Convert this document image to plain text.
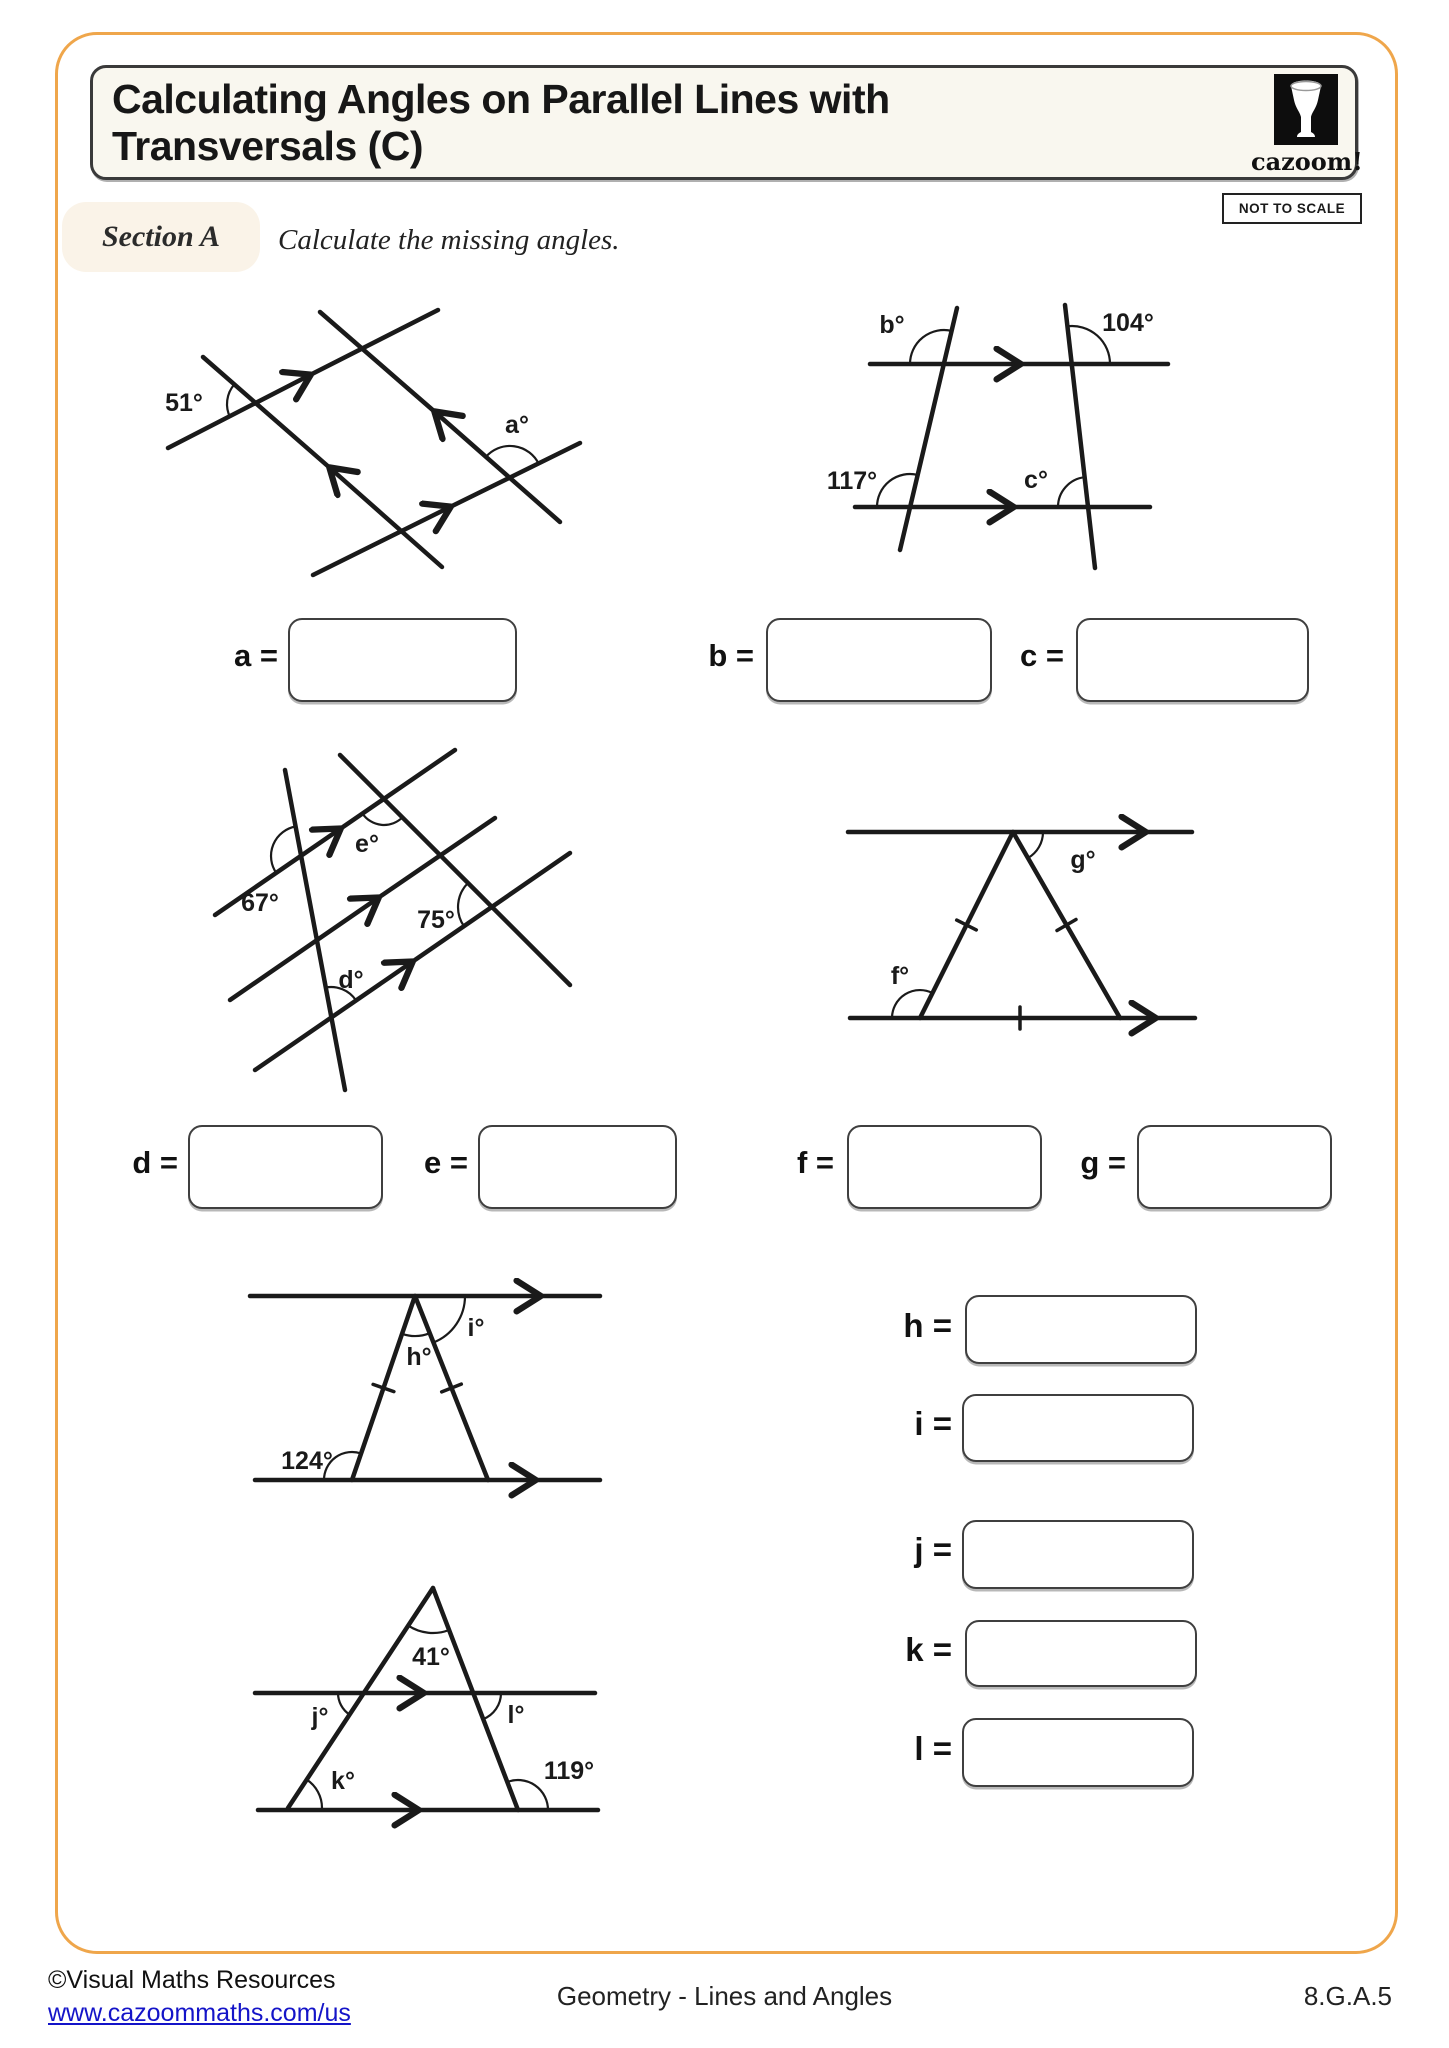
Calculating Angles on Parallel Lines with
Transversals (C)	cazoom!
NOT TO SCALE
Section A Calculate the missing angles.
51°
a°
b°	104°
117°	c°
a =	b =	c =
67°
e°
75°
d°
g°
f°
d =	e =	f =	g =
h°
i°
124°
41°
j°	l°
k°	119°
h =
i =
j =
k =
l =
©Visual Maths Resources
www.cazoommaths.com/us
Geometry - Lines and Angles	8.G.A.5
